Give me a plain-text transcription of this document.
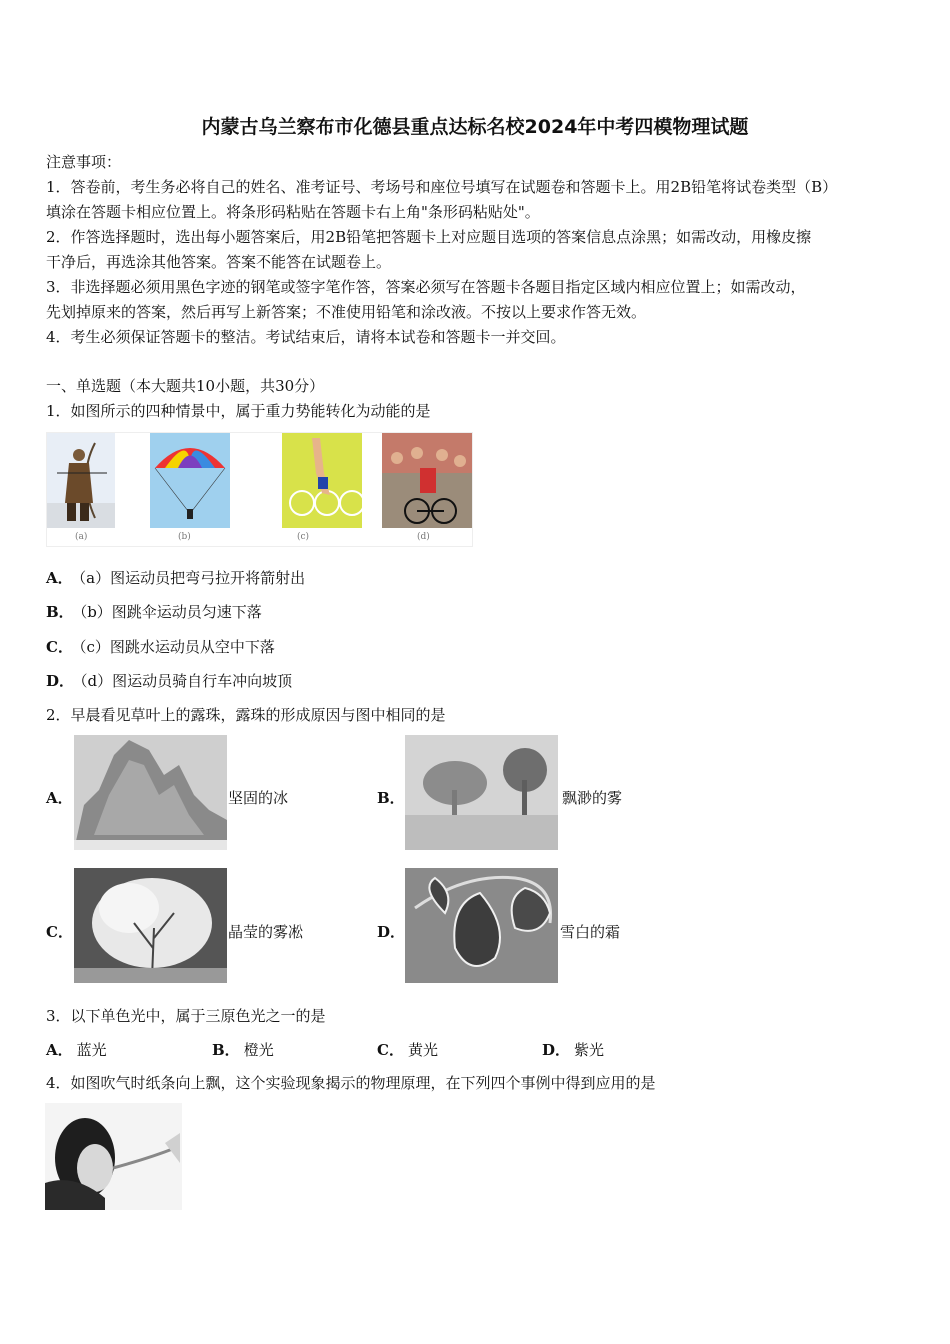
内蒙古乌兰察布市化德县重点达标名校2024年中考四模物理试题
注意事项：
1．答卷前，考生务必将自己的姓名、准考证号、考场号和座位号填写在试题卷和答题卡上。用2B铅笔将试卷类型（B）
填涂在答题卡相应位置上。将条形码粘贴在答题卡右上角"条形码粘贴处"。
2．作答选择题时，选出每小题答案后，用2B铅笔把答题卡上对应题目选项的答案信息点涂黑；如需改动，用橡皮擦
干净后，再选涂其他答案。答案不能答在试题卷上。
3．非选择题必须用黑色字迹的钢笔或签字笔作答，答案必须写在答题卡各题目指定区域内相应位置上；如需改动，
先划掉原来的答案，然后再写上新答案；不准使用铅笔和涂改液。不按以上要求作答无效。
4．考生必须保证答题卡的整洁。考试结束后，请将本试卷和答题卡一并交回。
一、单选题（本大题共10小题，共30分）
1．如图所示的四种情景中，属于重力势能转化为动能的是
(a)	(b)	(c)	(d)
A． （a）图运动员把弯弓拉开将箭射出
B． （b）图跳伞运动员匀速下落
C． （c）图跳水运动员从空中下落
D． （d）图运动员骑自行车冲向坡顶
2．早晨看见草叶上的露珠，露珠的形成原因与图中相同的是
A．	坚固的冰	B．	飘渺的雾
C．	晶莹的雾凇	D．	雪白的霜
3．以下单色光中，属于三原色光之一的是
A． 蓝光	B． 橙光	C． 黄光	D． 紫光
4．如图吹气时纸条向上飘，这个实验现象揭示的物理原理，在下列四个事例中得到应用的是
